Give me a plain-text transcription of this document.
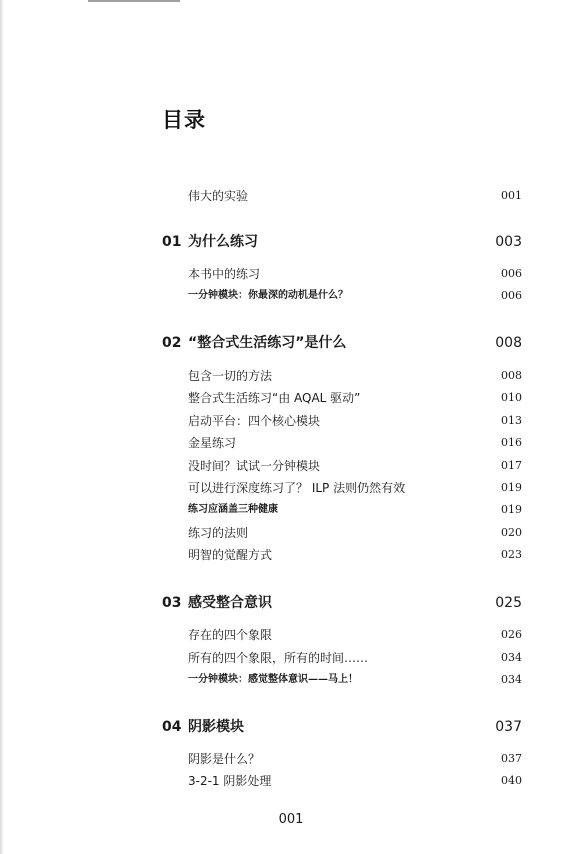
目录
伟大的实验	001
01 为什么练习	003
本书中的练习	006
一分钟模块：你最深的动机是什么？	006
02 “整合式生活练习”是什么	008
包含一切的方法	008
整合式生活练习“由 AQAL 驱动”	010
启动平台：四个核心模块	013
金星练习	016
没时间？试试一分钟模块	017
可以进行深度练习了？ ILP 法则仍然有效	019
练习应涵盖三种健康	019
练习的法则	020
明智的觉醒方式	023
03 感受整合意识	025
存在的四个象限	026
所有的四个象限，所有的时间……	034
一分钟模块：感觉整体意识——马上！	034
04 阴影模块	037
阴影是什么？	037
3-2-1 阴影处理	040
001
